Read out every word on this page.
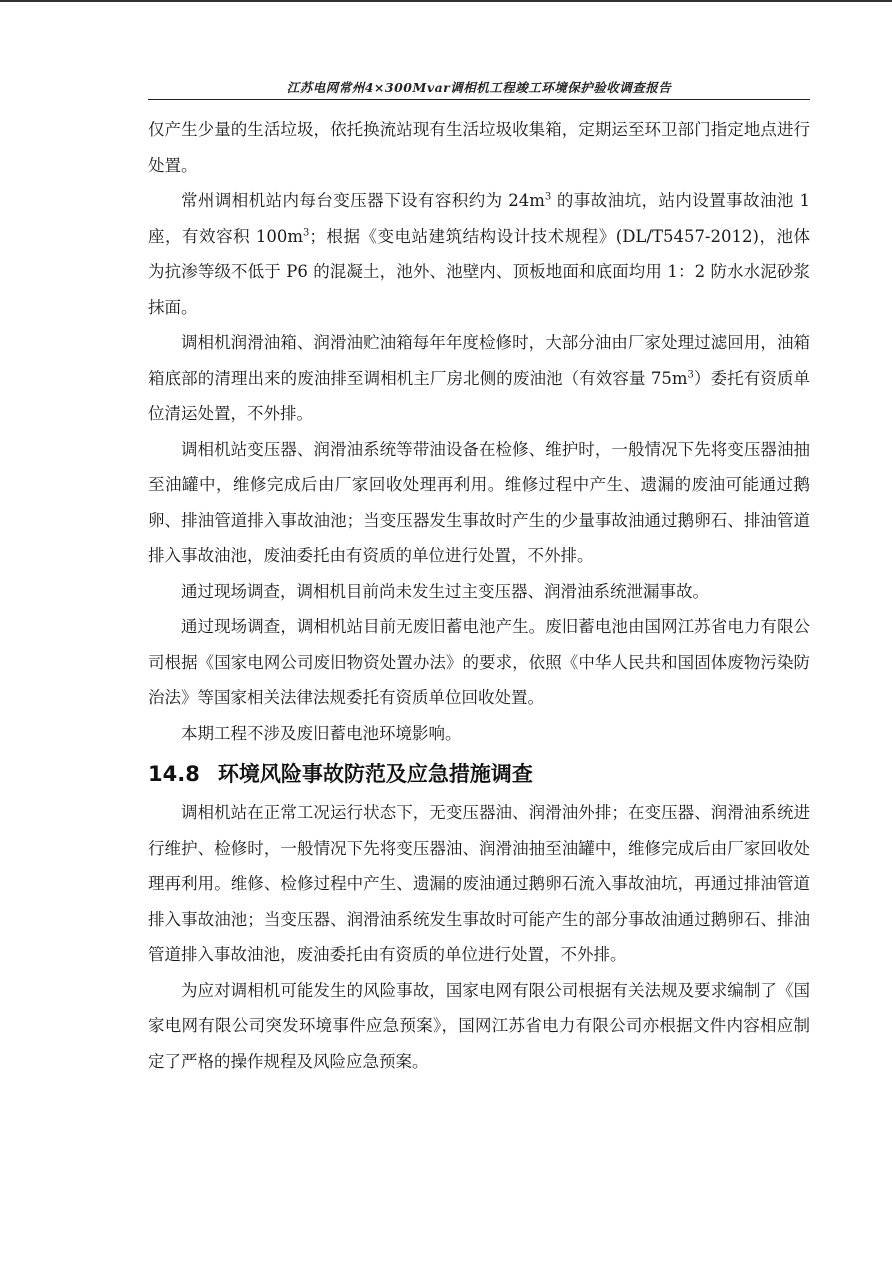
江苏电网常州4×300Mvar调相机工程竣工环境保护验收调查报告

仅产生少量的生活垃圾，依托换流站现有生活垃圾收集箱，定期运至环卫部门指定地点进行处置。

常州调相机站内每台变压器下设有容积约为 $24m^3$ 的事故油坑，站内设置事故油池 1 座，有效容积 $100m^3$；根据《变电站建筑结构设计技术规程》(DL/T5457-2012)，池体为抗渗等级不低于 P6 的混凝土，池外、池壁内、顶板地面和底面均用 1：2 防水水泥砂浆抹面。

调相机润滑油箱、润滑油贮油箱每年年度检修时，大部分油由厂家处理过滤回用，油箱箱底部的清理出来的废油排至调相机主厂房北侧的废油池（有效容量 $75m^3$）委托有资质单位清运处置，不外排。

调相机站变压器、润滑油系统等带油设备在检修、维护时，一般情况下先将变压器油抽至油罐中，维修完成后由厂家回收处理再利用。维修过程中产生、遗漏的废油可能通过鹅卵、排油管道排入事故油池；当变压器发生事故时产生的少量事故油通过鹅卵石、排油管道排入事故油池，废油委托由有资质的单位进行处置，不外排。

通过现场调查，调相机目前尚未发生过主变压器、润滑油系统泄漏事故。

通过现场调查，调相机站目前无废旧蓄电池产生。废旧蓄电池由国网江苏省电力有限公司根据《国家电网公司废旧物资处置办法》的要求，依照《中华人民共和国固体废物污染防治法》等国家相关法律法规委托有资质单位回收处置。

本期工程不涉及废旧蓄电池环境影响。

14.8 环境风险事故防范及应急措施调查

调相机站在正常工况运行状态下，无变压器油、润滑油外排；在变压器、润滑油系统进行维护、检修时，一般情况下先将变压器油、润滑油抽至油罐中，维修完成后由厂家回收处理再利用。维修、检修过程中产生、遗漏的废油通过鹅卵石流入事故油坑，再通过排油管道排入事故油池；当变压器、润滑油系统发生事故时可能产生的部分事故油通过鹅卵石、排油管道排入事故油池，废油委托由有资质的单位进行处置，不外排。

为应对调相机可能发生的风险事故，国家电网有限公司根据有关法规及要求编制了《国家电网有限公司突发环境事件应急预案》，国网江苏省电力有限公司亦根据文件内容相应制定了严格的操作规程及风险应急预案。
